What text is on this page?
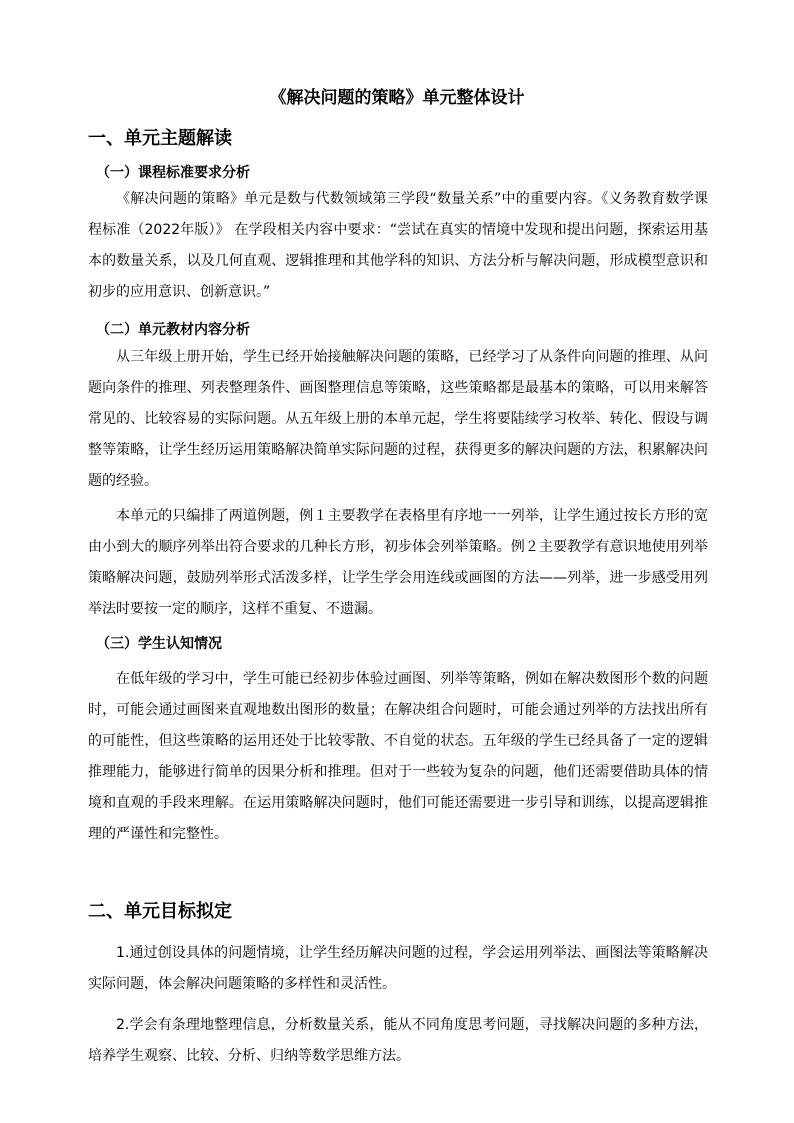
《解决问题的策略》单元整体设计
一、单元主题解读
（一）课程标准要求分析
《解决问题的策略》单元是数与代数领域第三学段“数量关系”中的重要内容。《义务教育数学课程标准（2022年版）》 在学段相关内容中要求：“尝试在真实的情境中发现和提出问题，探索运用基本的数量关系，以及几何直观、逻辑推理和其他学科的知识、方法分析与解决问题，形成模型意识和初步的应用意识、创新意识。”
（二）单元教材内容分析
从三年级上册开始，学生已经开始接触解决问题的策略，已经学习了从条件向问题的推理、从问题向条件的推理、列表整理条件、画图整理信息等策略，这些策略都是最基本的策略，可以用来解答常见的、比较容易的实际问题。从五年级上册的本单元起，学生将要陆续学习枚举、转化、假设与调整等策略，让学生经历运用策略解决简单实际问题的过程，获得更多的解决问题的方法，积累解决问题的经验。
本单元的只编排了两道例题，例１主要教学在表格里有序地一一列举，让学生通过按长方形的宽由小到大的顺序列举出符合要求的几种长方形，初步体会列举策略。例２主要教学有意识地使用列举策略解决问题，鼓励列举形式活泼多样，让学生学会用连线或画图的方法——列举，进一步感受用列举法时要按一定的顺序，这样不重复、不遗漏。
（三）学生认知情况
在低年级的学习中，学生可能已经初步体验过画图、列举等策略，例如在解决数图形个数的问题时，可能会通过画图来直观地数出图形的数量；在解决组合问题时，可能会通过列举的方法找出所有的可能性，但这些策略的运用还处于比较零散、不自觉的状态。五年级的学生已经具备了一定的逻辑推理能力，能够进行简单的因果分析和推理。但对于一些较为复杂的问题，他们还需要借助具体的情境和直观的手段来理解。在运用策略解决问题时，他们可能还需要进一步引导和训练，以提高逻辑推理的严谨性和完整性。
二、单元目标拟定
1.通过创设具体的问题情境，让学生经历解决问题的过程，学会运用列举法、画图法等策略解决实际问题，体会解决问题策略的多样性和灵活性。
2.学会有条理地整理信息，分析数量关系，能从不同角度思考问题，寻找解决问题的多种方法，培养学生观察、比较、分析、归纳等数学思维方法。
